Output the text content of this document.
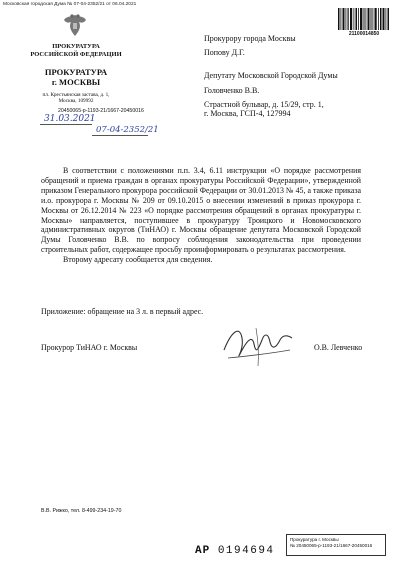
Московская городская Дума № 07-04-2352/21 от 06.04.2021
ПРОКУРАТУРА
РОССИЙСКОЙ ФЕДЕРАЦИИ
ПРОКУРАТУРА
г. МОСКВЫ
пл. Крестьянская застава, д. 1,
Москва, 109992
20450065-р-1193-21/1667-20450016
31.03.2021
07-04-2352/21
21100014850
Прокурору города Москвы
Попову Д.Г.
Депутату Московской Городской Думы
Головченко В.В.
Страстной бульвар, д. 15/29, стр. 1,
г. Москва, ГСП-4, 127994

В соответствии с положениями п.п. 3.4, 6.11 инструкции «О порядке рассмотрения обращений и приема граждан в органах прокуратуры Российской Федерации», утвержденной приказом Генерального прокурора российской Федерации от 30.01.2013 № 45, а также приказа и.о. прокурора г. Москвы № 209 от 09.10.2015 о внесении изменений в приказ прокурора г. Москвы от 26.12.2014 № 223 «О порядке рассмотрения обращений в органах прокуратуры г. Москвы» направляется, поступившее в прокуратуру Троицкого и Новомосковского административных округов (ТиНАО) г. Москвы обращение депутата Московской Городской Думы Головченко В.В. по вопросу соблюдения законодательства при проведении строительных работ, содержащее просьбу проинформировать о результатах рассмотрения.

Второму адресату сообщается для сведения.

Приложение: обращение на 3 л. в первый адрес.
Прокурор ТиНАО г. Москвы	О.В. Левченко
В.В. Рижко, тел. 8-499-234-19-70
АР 0194694
Прокуратура г. Москвы
№ 20450065-р-1193-21/1667-20450016
